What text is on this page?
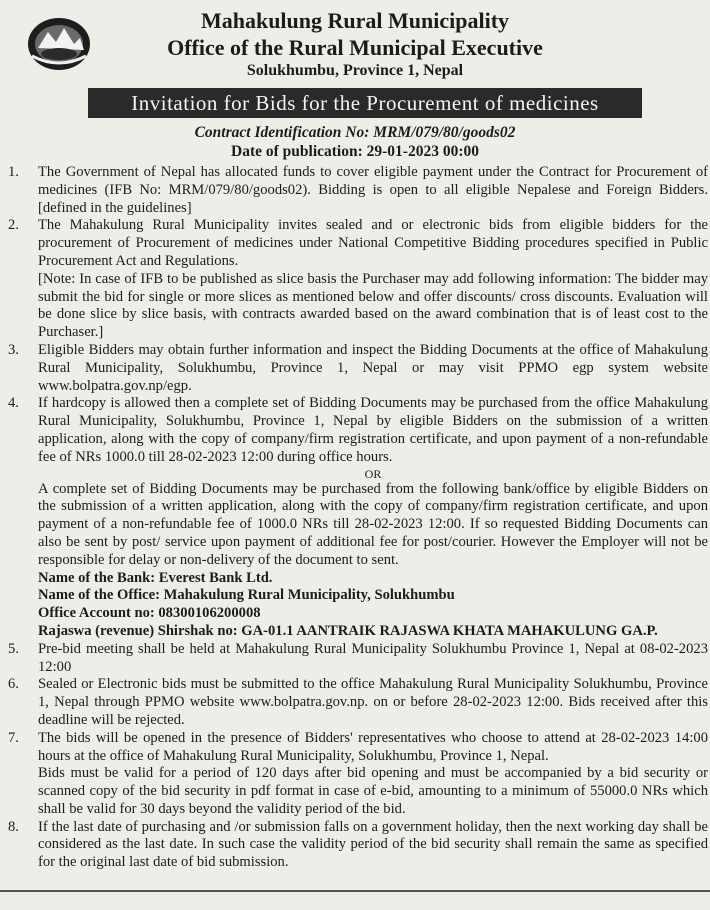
Mahakulung Rural Municipality
Office of the Rural Municipal Executive
Solukhumbu, Province 1, Nepal
Invitation for Bids for the Procurement of medicines
Contract Identification No: MRM/079/80/goods02
Date of publication: 29-01-2023 00:00
1. The Government of Nepal has allocated funds to cover eligible payment under the Contract for Procurement of medicines (IFB No: MRM/079/80/goods02). Bidding is open to all eligible Nepalese and Foreign Bidders.[defined in the guidelines]

2. The Mahakulung Rural Municipality invites sealed and or electronic bids from eligible bidders for the procurement of Procurement of medicines under National Competitive Bidding procedures specified in Public Procurement Act and Regulations.

[Note: In case of IFB to be published as slice basis the Purchaser may add following information: The bidder may submit the bid for single or more slices as mentioned below and offer discounts/ cross discounts. Evaluation will be done slice by slice basis, with contracts awarded based on the award combination that is of least cost to the Purchaser.]

3. Eligible Bidders may obtain further information and inspect the Bidding Documents at the office of Mahakulung Rural Municipality, Solukhumbu, Province 1, Nepal or may visit PPMO egp system website www.bolpatra.gov.np/egp.

4. If hardcopy is allowed then a complete set of Bidding Documents may be purchased from the office Mahakulung Rural Municipality, Solukhumbu, Province 1, Nepal by eligible Bidders on the submission of a written application, along with the copy of company/firm registration certificate, and upon payment of a non-refundable fee of NRs 1000.0 till 28-02-2023 12:00 during office hours.

OR

A complete set of Bidding Documents may be purchased from the following bank/office by eligible Bidders on the submission of a written application, along with the copy of company/firm registration certificate, and upon payment of a non-refundable fee of 1000.0 NRs till 28-02-2023 12:00. If so requested Bidding Documents can also be sent by post/ service upon payment of additional fee for post/courier. However the Employer will not be responsible for delay or non-delivery of the document to sent.

Name of the Bank: Everest Bank Ltd.
Name of the Office: Mahakulung Rural Municipality, Solukhumbu
Office Account no: 08300106200008
Rajaswa (revenue) Shirshak no: GA-01.1 AANTRAIK RAJASWA KHATA MAHAKULUNG GA.P.
5. Pre-bid meeting shall be held at Mahakulung Rural Municipality Solukhumbu Province 1, Nepal at 08-02-2023 12:00

6. Sealed or Electronic bids must be submitted to the office Mahakulung Rural Municipality Solukhumbu, Province 1, Nepal through PPMO website www.bolpatra.gov.np. on or before 28-02-2023 12:00. Bids received after this deadline will be rejected.

7. The bids will be opened in the presence of Bidders' representatives who choose to attend at 28-02-2023 14:00 hours at the office of Mahakulung Rural Municipality, Solukhumbu, Province 1, Nepal.

Bids must be valid for a period of 120 days after bid opening and must be accompanied by a bid security or scanned copy of the bid security in pdf format in case of e-bid, amounting to a minimum of 55000.0 NRs which shall be valid for 30 days beyond the validity period of the bid.

8. If the last date of purchasing and /or submission falls on a government holiday, then the next working day shall be considered as the last date. In such case the validity period of the bid security shall remain the same as specified for the original last date of bid submission.
